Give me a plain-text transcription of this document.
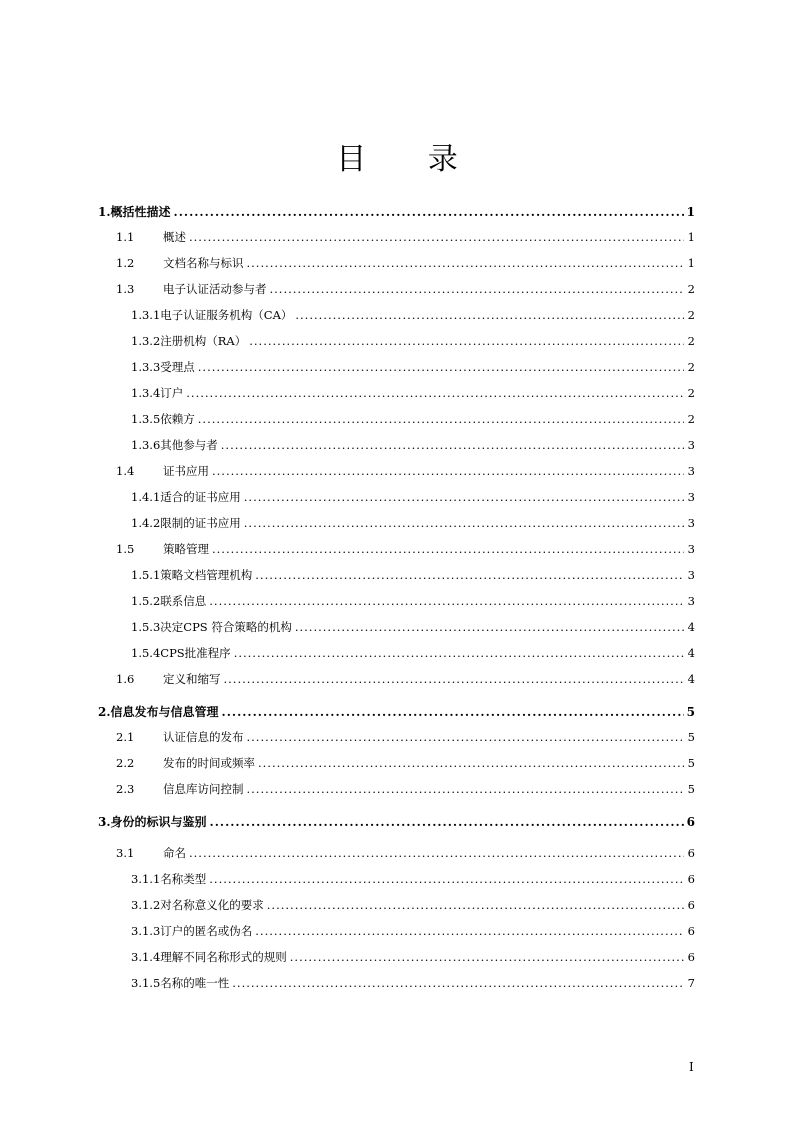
目 录
1. 概括性描述 .....	1
1.1	概述 .....	1
1.2	文档名称与标识 .....	1
1.3	电子认证活动参与者 .....	2
1.3.1 电子认证服务机构（CA） .....	2
1.3.2 注册机构（RA） .....	2
1.3.3 受理点 .....	2
1.3.4 订户 .....	2
1.3.5 依赖方 .....	2
1.3.6 其他参与者 .....	3
1.4	证书应用 .....	3
1.4.1 适合的证书应用 .....	3
1.4.2 限制的证书应用 .....	3
1.5	策略管理 .....	3
1.5.1 策略文档管理机构 .....	3
1.5.2 联系信息 .....	3
1.5.3 决定CPS 符合策略的机构 .....	4
1.5.4 CPS批准程序 .....	4
1.6	定义和缩写 .....	4
2. 信息发布与信息管理 .....	5
2.1	认证信息的发布 .....	5
2.2	发布的时间或频率 .....	5
2.3	信息库访问控制 .....	5
3. 身份的标识与鉴别 .....	6
3.1	命名 .....	6
3.1.1 名称类型 .....	6
3.1.2 对名称意义化的要求 .....	6
3.1.3 订户的匿名或伪名 .....	6
3.1.4 理解不同名称形式的规则 .....	6
3.1.5 名称的唯一性 .....	7
I
